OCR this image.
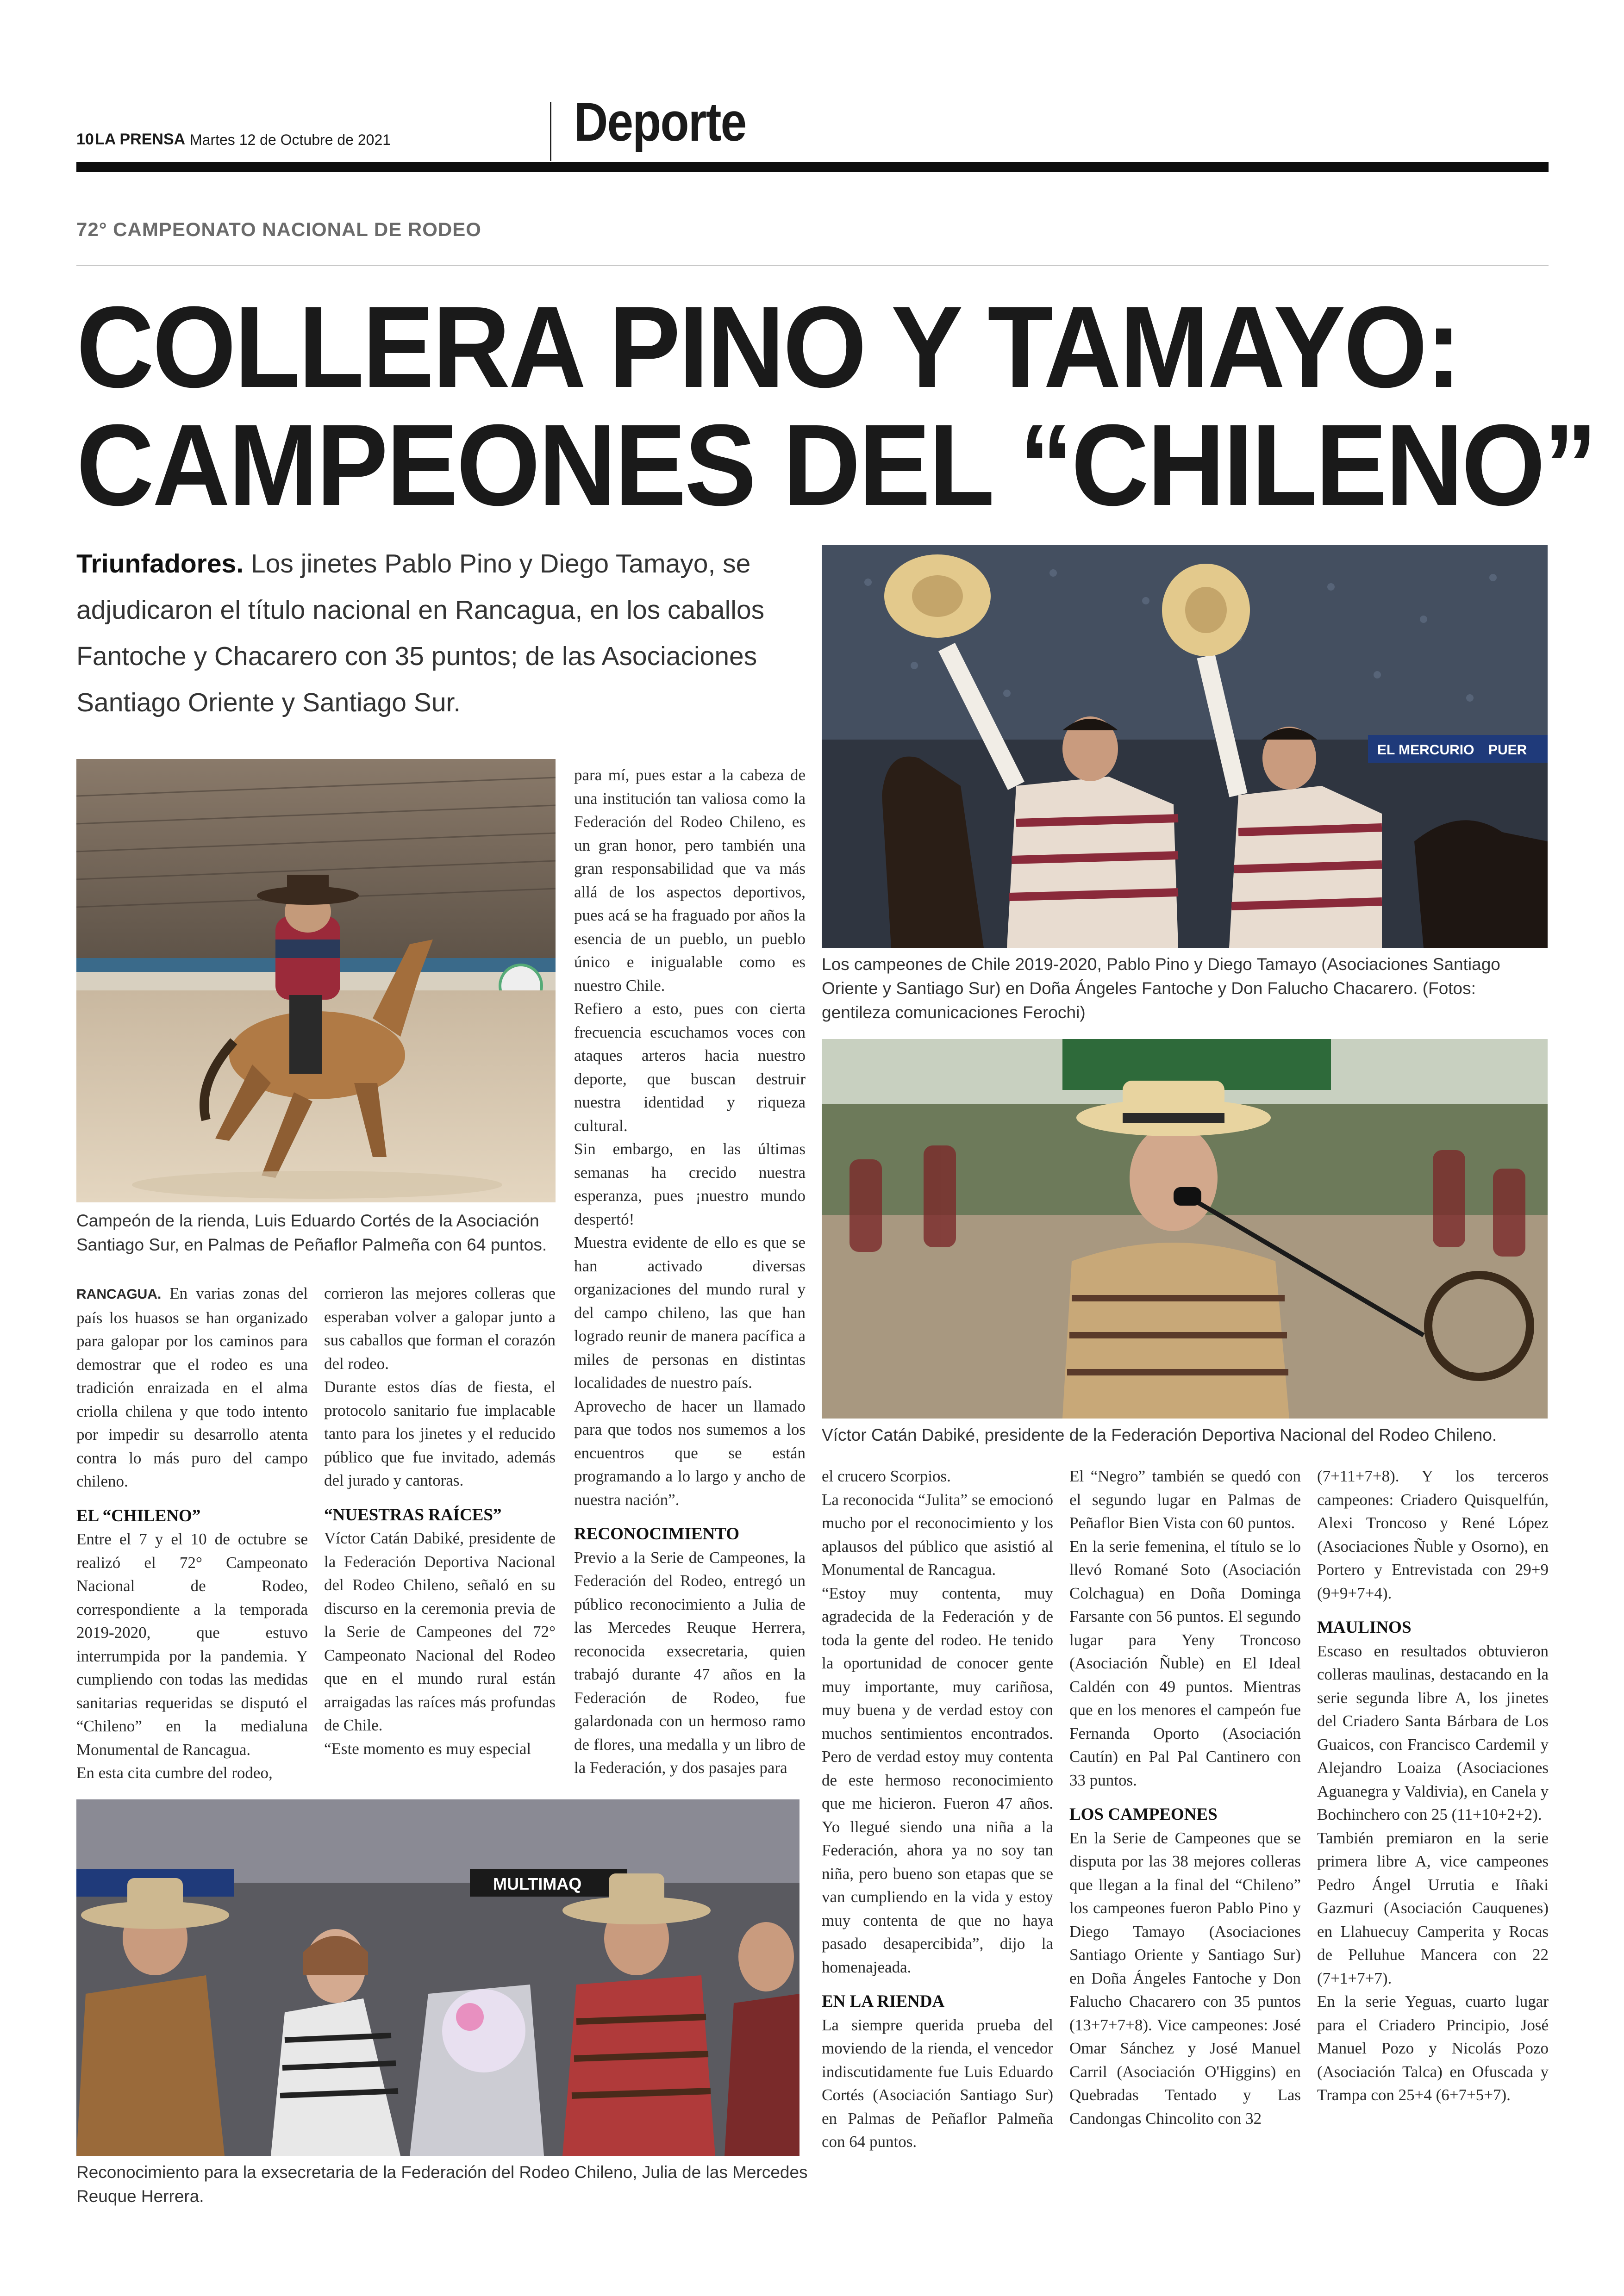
10 LA PRENSA Martes 12 de Octubre de 2021	Deporte
72° CAMPEONATO NACIONAL DE RODEO
COLLERA PINO Y TAMAYO:
CAMPEONES DEL “CHILENO”
Triunfadores. Los jinetes Pablo Pino y Diego Tamayo, se adjudicaron el título nacional en Rancagua, en los caballos Fantoche y Chacarero con 35 puntos; de las Asociaciones Santiago Oriente y Santiago Sur.
Campeón de la rienda, Luis Eduardo Cortés de la Asociación Santiago Sur, en Palmas de Peñaflor Palmeña con 64 puntos.
EL MERCURIO PUER
Los campeones de Chile 2019-2020, Pablo Pino y Diego Tamayo (Asociaciones Santiago Oriente y Santiago Sur) en Doña Ángeles Fantoche y Don Falucho Chacarero. (Fotos: gentileza comunicaciones Ferochi)
Víctor Catán Dabiké, presidente de la Federación Deportiva Nacional del Rodeo Chileno.
MULTIMAQ
Reconocimiento para la exsecretaria de la Federación del Rodeo Chileno, Julia de las Mercedes Reuque Herrera.

RANCAGUA. En varias zonas del país los huasos se han organizado para galopar por los caminos para demostrar que el rodeo es una tradición enraizada en el alma criolla chilena y que todo intento por impedir su desarrollo atenta contra lo más puro del campo chileno.

EL “CHILENO”

Entre el 7 y el 10 de octubre se realizó el 72° Campeonato Nacional de Rodeo, correspondiente a la temporada 2019-2020, que estuvo interrumpida por la pandemia. Y cumpliendo con todas las medidas sanitarias requeridas se disputó el “Chileno” en la medialuna Monumental de Rancagua.

En esta cita cumbre del rodeo,

corrieron las mejores colleras que esperaban volver a galopar junto a sus caballos que forman el corazón del rodeo.

Durante estos días de fiesta, el protocolo sanitario fue implacable tanto para los jinetes y el reducido público que fue invitado, además del jurado y cantoras.

“NUESTRAS RAÍCES”

Víctor Catán Dabiké, presidente de la Federación Deportiva Nacional del Rodeo Chileno, señaló en su discurso en la ceremonia previa de la Serie de Campeones del 72° Campeonato Nacional del Rodeo que en el mundo rural están arraigadas las raíces más profundas de Chile.

“Este momento es muy especial

para mí, pues estar a la cabeza de una institución tan valiosa como la Federación del Rodeo Chileno, es un gran honor, pero también una gran responsabilidad que va más allá de los aspectos deportivos, pues acá se ha fraguado por años la esencia de un pueblo, un pueblo único e inigualable como es nuestro Chile.

Refiero a esto, pues con cierta frecuencia escuchamos voces con ataques arteros hacia nuestro deporte, que buscan destruir nuestra identidad y riqueza cultural.

Sin embargo, en las últimas semanas ha crecido nuestra esperanza, pues ¡nuestro mundo despertó!

Muestra evidente de ello es que se han activado diversas organizaciones del mundo rural y del campo chileno, las que han logrado reunir de manera pacífica a miles de personas en distintas localidades de nuestro país.

Aprovecho de hacer un llamado para que todos nos sumemos a los encuentros que se están programando a lo largo y ancho de nuestra nación”.

RECONOCIMIENTO

Previo a la Serie de Campeones, la Federación del Rodeo, entregó un público reconocimiento a Julia de las Mercedes Reuque Herrera, reconocida exsecretaria, quien trabajó durante 47 años en la Federación de Rodeo, fue galardonada con un hermoso ramo de flores, una medalla y un libro de la Federación, y dos pasajes para

el crucero Scorpios.

La reconocida “Julita” se emocionó mucho por el reconocimiento y los aplausos del público que asistió al Monumental de Rancagua.

“Estoy muy contenta, muy agradecida de la Federación y de toda la gente del rodeo. He tenido la oportunidad de conocer gente muy importante, muy cariñosa, muy buena y de verdad estoy con muchos sentimientos encontrados. Pero de verdad estoy muy contenta de este hermoso reconocimiento que me hicieron. Fueron 47 años. Yo llegué siendo una niña a la Federación, ahora ya no soy tan niña, pero bueno son etapas que se van cumpliendo en la vida y estoy muy contenta de que no haya pasado desapercibida”, dijo la homenajeada.

EN LA RIENDA

La siempre querida prueba del moviendo de la rienda, el vencedor indiscutidamente fue Luis Eduardo Cortés (Asociación Santiago Sur) en Palmas de Peñaflor Palmeña con 64 puntos.

El “Negro” también se quedó con el segundo lugar en Palmas de Peñaflor Bien Vista con 60 puntos.

En la serie femenina, el título se lo llevó Romané Soto (Asociación Colchagua) en Doña Dominga Farsante con 56 puntos. El segundo lugar para Yeny Troncoso (Asociación Ñuble) en El Ideal Caldén con 49 puntos. Mientras que en los menores el campeón fue Fernanda Oporto (Asociación Cautín) en Pal Pal Cantinero con 33 puntos.

LOS CAMPEONES

En la Serie de Campeones que se disputa por las 38 mejores colleras que llegan a la final del “Chileno” los campeones fueron Pablo Pino y Diego Tamayo (Asociaciones Santiago Oriente y Santiago Sur) en Doña Ángeles Fantoche y Don Falucho Chacarero con 35 puntos (13+7+7+8). Vice campeones: José Omar Sánchez y José Manuel Carril (Asociación O'Higgins) en Quebradas Tentado y Las Candongas Chincolito con 32

(7+11+7+8). Y los terceros campeones: Criadero Quisquelfún, Alexi Troncoso y René López (Asociaciones Ñuble y Osorno), en Portero y Entrevistada con 29+9 (9+9+7+4).

MAULINOS

Escaso en resultados obtuvieron colleras maulinas, destacando en la serie segunda libre A, los jinetes del Criadero Santa Bárbara de Los Guaicos, con Francisco Cardemil y Alejandro Loaiza (Asociaciones Aguanegra y Valdivia), en Canela y Bochinchero con 25 (11+10+2+2).

También premiaron en la serie primera libre A, vice campeones Pedro Ángel Urrutia e Iñaki Gazmuri (Asociación Cauquenes) en Llahuecuy Camperita y Rocas de Pelluhue Mancera con 22 (7+1+7+7).

En la serie Yeguas, cuarto lugar para el Criadero Principio, José Manuel Pozo y Nicolás Pozo (Asociación Talca) en Ofuscada y Trampa con 25+4 (6+7+5+7).
